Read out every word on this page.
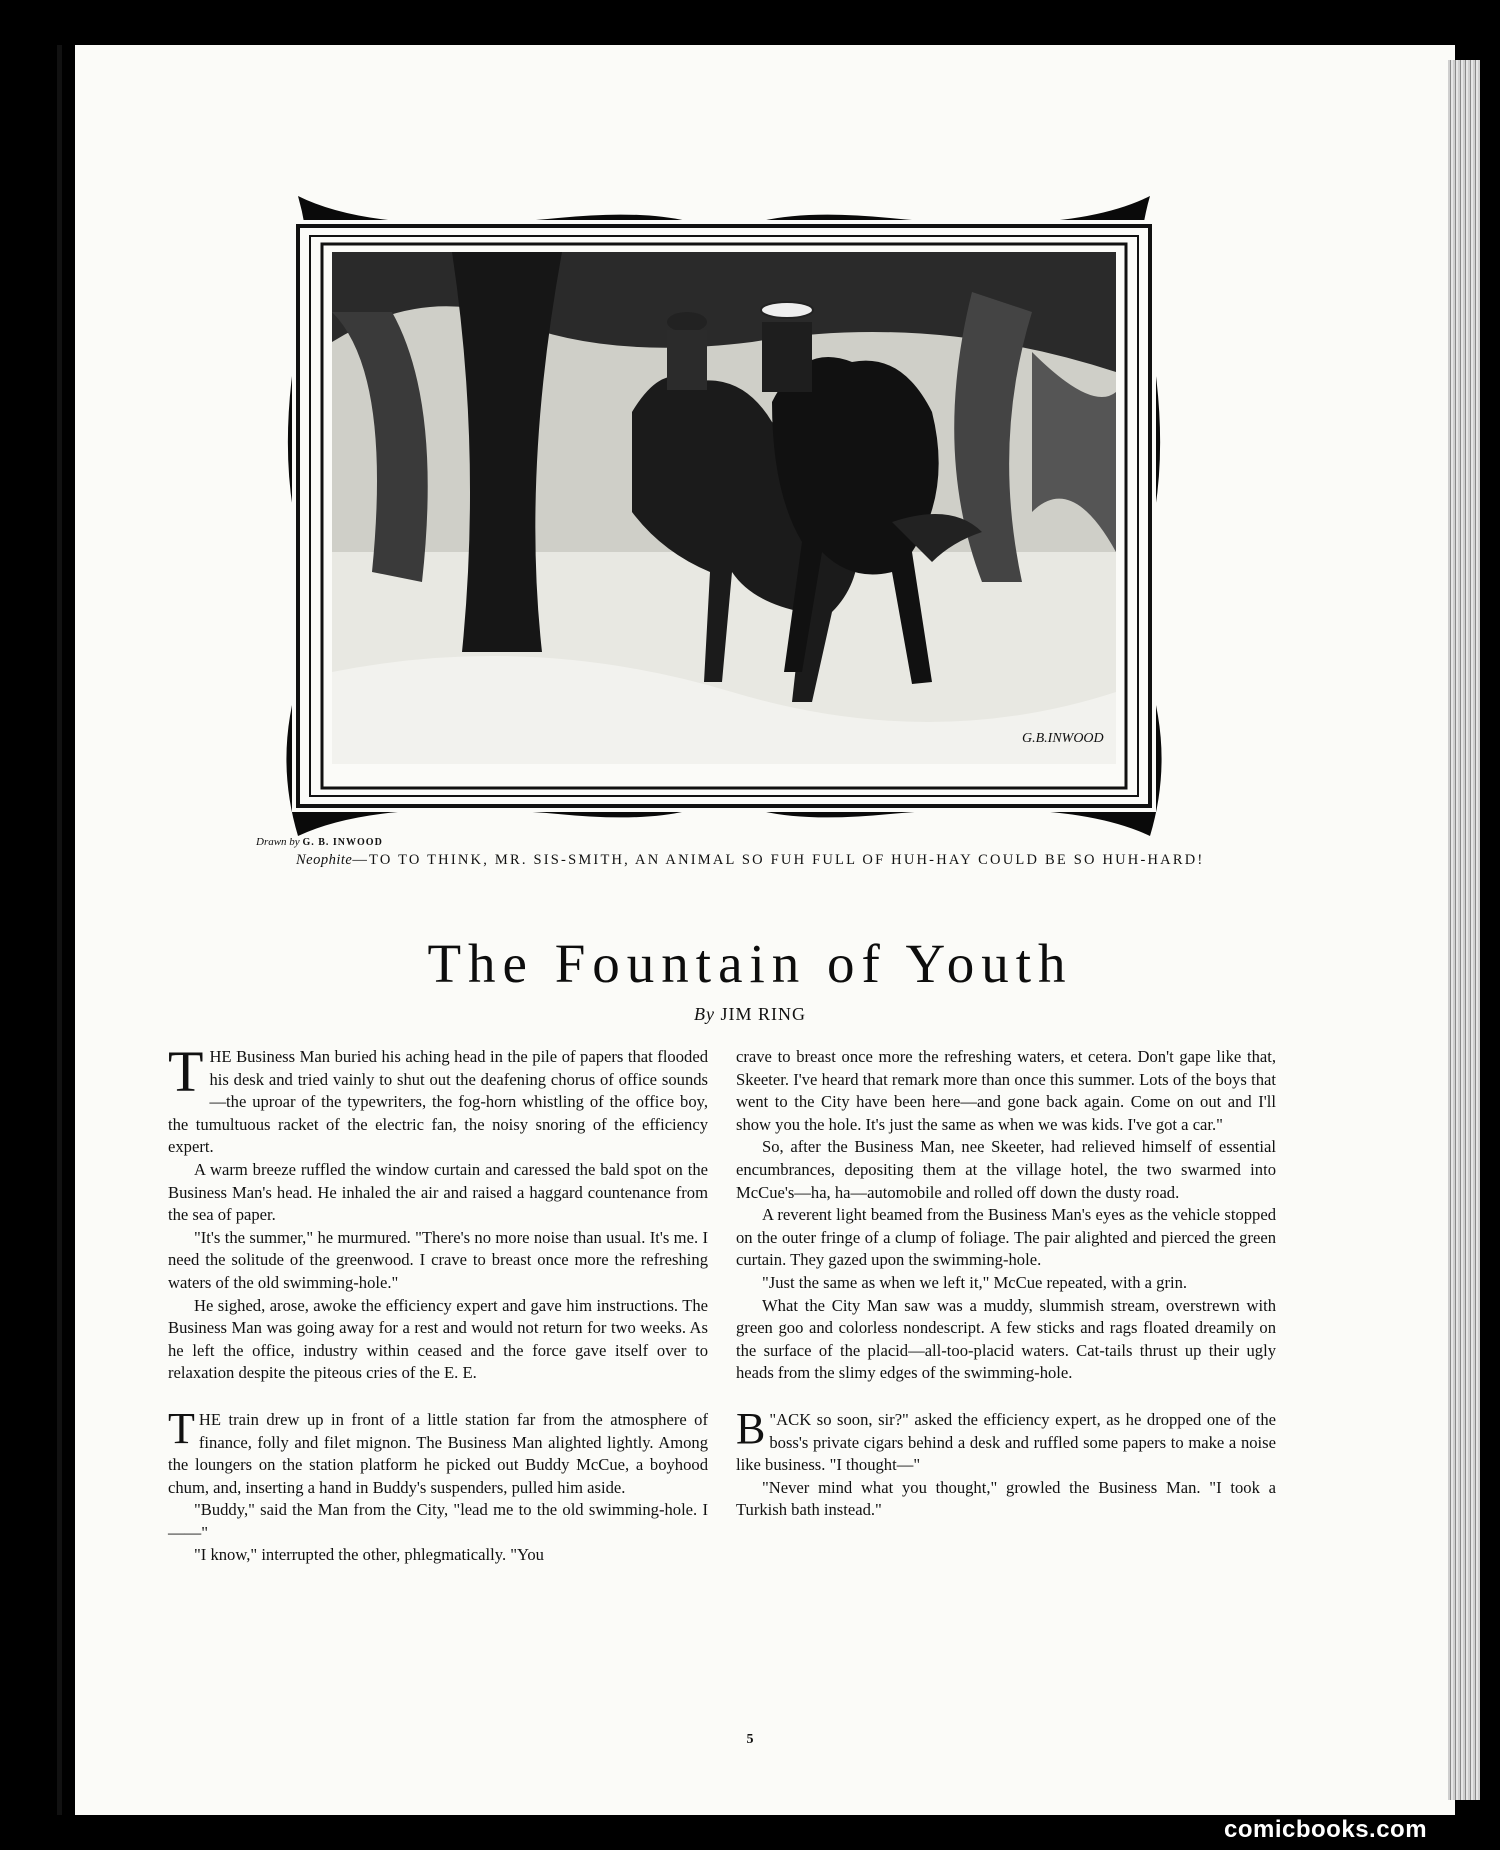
G.B.INWOOD
Drawn by G. B. INWOOD
Neophite—TO TO THINK, MR. SIS-SMITH, AN ANIMAL SO FUH FULL OF HUH-HAY COULD BE SO HUH-HARD!
The Fountain of Youth
By JIM RING

THE Business Man buried his aching head in the pile of papers that flooded his desk and tried vainly to shut out the deafening chorus of office sounds—the uproar of the typewriters, the fog-horn whistling of the office boy, the tumultuous racket of the electric fan, the noisy snoring of the efficiency expert.

A warm breeze ruffled the window curtain and caressed the bald spot on the Business Man's head. He inhaled the air and raised a haggard countenance from the sea of paper.

"It's the summer," he murmured. "There's no more noise than usual. It's me. I need the solitude of the greenwood. I crave to breast once more the refreshing waters of the old swimming-hole."

He sighed, arose, awoke the efficiency expert and gave him instructions. The Business Man was going away for a rest and would not return for two weeks. As he left the office, industry within ceased and the force gave itself over to relaxation despite the piteous cries of the E. E.

THE train drew up in front of a little station far from the atmosphere of finance, folly and filet mignon. The Business Man alighted lightly. Among the loungers on the station platform he picked out Buddy McCue, a boyhood chum, and, inserting a hand in Buddy's suspenders, pulled him aside.

"Buddy," said the Man from the City, "lead me to the old swimming-hole. I——"

"I know," interrupted the other, phlegmatically. "You

crave to breast once more the refreshing waters, et cetera. Don't gape like that, Skeeter. I've heard that remark more than once this summer. Lots of the boys that went to the City have been here—and gone back again. Come on out and I'll show you the hole. It's just the same as when we was kids. I've got a car."

So, after the Business Man, nee Skeeter, had relieved himself of essential encumbrances, depositing them at the village hotel, the two swarmed into McCue's—ha, ha—automobile and rolled off down the dusty road.

A reverent light beamed from the Business Man's eyes as the vehicle stopped on the outer fringe of a clump of foliage. The pair alighted and pierced the green curtain. They gazed upon the swimming-hole.

"Just the same as when we left it," McCue repeated, with a grin.

What the City Man saw was a muddy, slummish stream, overstrewn with green goo and colorless nondescript. A few sticks and rags floated dreamily on the surface of the placid—all-too-placid waters. Cat-tails thrust up their ugly heads from the slimy edges of the swimming-hole.

"
B ACK so soon, sir?" asked the efficiency expert, as he dropped one of the boss's private cigars behind a desk and ruffled some papers to make a noise like business. "I thought—"

"Never mind what you thought," growled the Business Man. "I took a Turkish bath instead."

5
comicbooks.com
